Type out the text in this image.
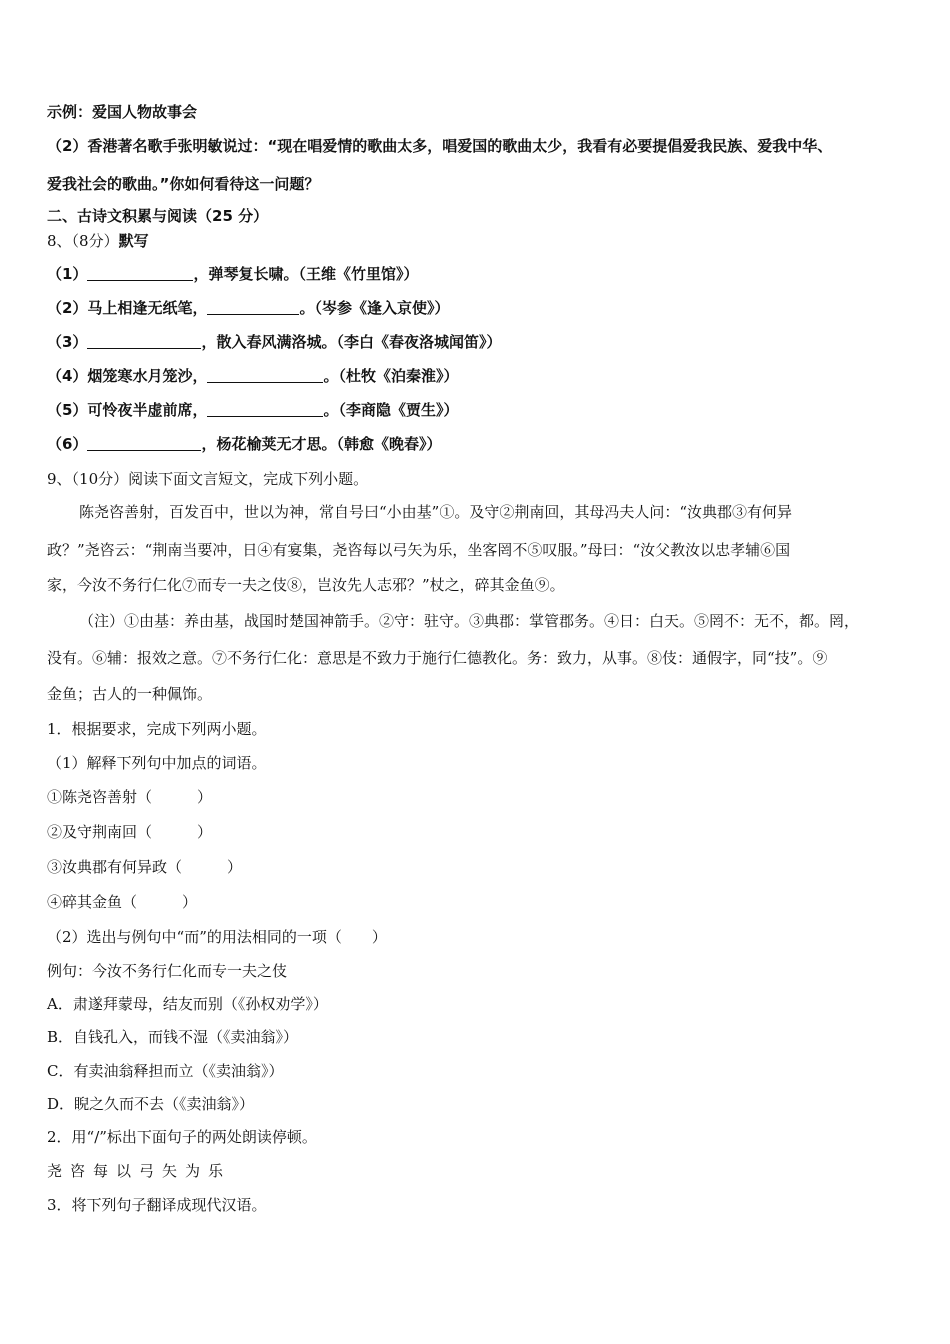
示例：爱国人物故事会
（2）香港著名歌手张明敏说过：“现在唱爱情的歌曲太多，唱爱国的歌曲太少，我看有必要提倡爱我民族、爱我中华、
爱我社会的歌曲。”你如何看待这一问题？
二、古诗文积累与阅读（25 分）
8、（8分）默写
（1）	，弹琴复长啸。（王维《竹里馆》）
（2）马上相逢无纸笔，	。（岑参《逢入京使》）
（3）	，散入春风满洛城。（李白《春夜洛城闻笛》）
（4）烟笼寒水月笼沙，	。（杜牧《泊秦淮》）
（5）可怜夜半虚前席，	。（李商隐《贾生》）
（6）	，杨花榆荚无才思。（韩愈《晚春》）
9、（10分）阅读下面文言短文，完成下列小题。
陈尧咨善射，百发百中，世以为神，常自号曰“小由基”①。及守②荆南回，其母冯夫人问：“汝典郡③有何异
政？”尧咨云：“荆南当要冲，日④有宴集，尧咨每以弓矢为乐，坐客罔不⑤叹服。”母曰：“汝父教汝以忠孝辅⑥国
家，今汝不务行仁化⑦而专一夫之伎⑧，岂汝先人志邪？”杖之，碎其金鱼⑨。
（注）①由基：养由基，战国时楚国神箭手。②守：驻守。③典郡：掌管郡务。④日：白天。⑤罔不：无不，都。罔，
没有。⑥辅：报效之意。⑦不务行仁化：意思是不致力于施行仁德教化。务：致力，从事。⑧伎：通假字，同“技”。⑨
金鱼；古人的一种佩饰。
1．根据要求，完成下列两小题。
（1）解释下列句中加点的词语。
①陈尧咨善射（　　　）
②及守荆南回（　　　）
③汝典郡有何异政（　　　）
④碎其金鱼（　　　）
（2）选出与例句中“而”的用法相同的一项（　　）
例句：今汝不务行仁化而专一夫之伎
A．肃遂拜蒙母，结友而别（《孙权劝学》）
B．自钱孔入，而钱不湿（《卖油翁》）
C．有卖油翁释担而立（《卖油翁》）
D．睨之久而不去（《卖油翁》）
2．用“/”标出下面句子的两处朗读停顿。
尧咨每以弓矢为乐
3．将下列句子翻译成现代汉语。
